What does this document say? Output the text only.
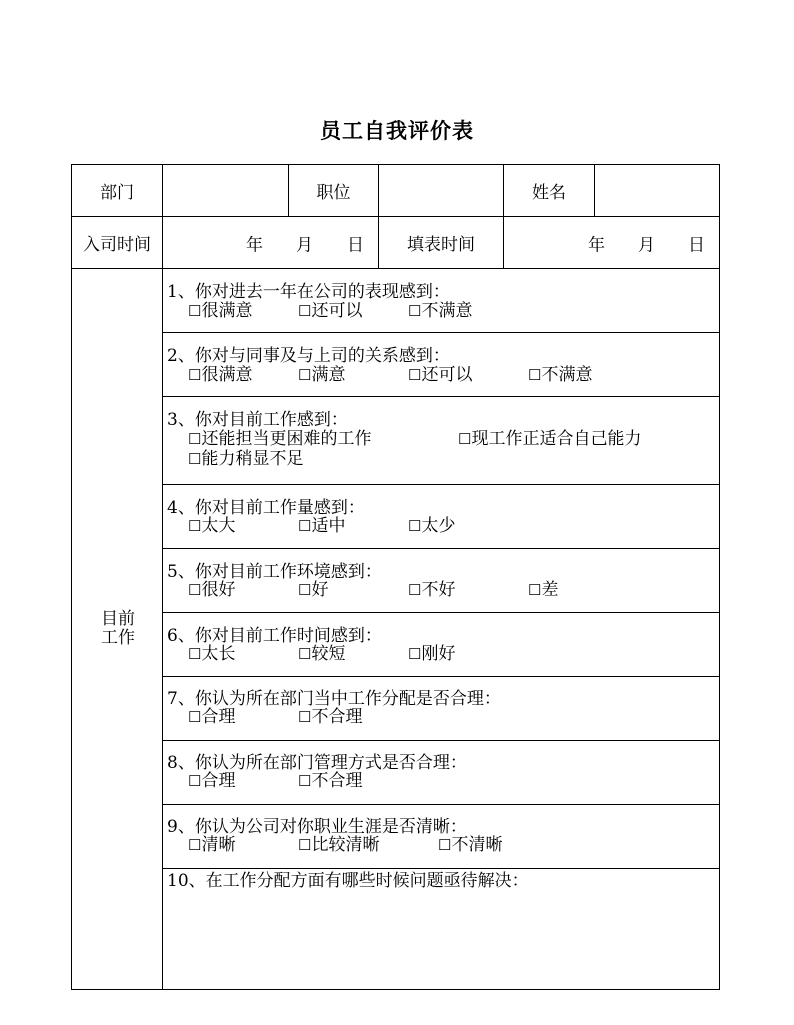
员工自我评价表
部门	职位	姓名
入司时间	年 月 日	填表时间	年 月 日
目前
工作
1、你对进去一年在公司的表现感到：
☐很满意	☐还可以	☐不满意
2、你对与同事及与上司的关系感到：
☐很满意	☐满意	☐还可以	☐不满意
3、你对目前工作感到：
☐还能担当更困难的工作	☐现工作正适合自己能力
☐能力稍显不足
4、你对目前工作量感到：
☐太大	☐适中	☐太少
5、你对目前工作环境感到：
☐很好	☐好	☐不好	☐差
6、你对目前工作时间感到：
☐太长	☐较短	☐刚好
7、你认为所在部门当中工作分配是否合理：
☐合理	☐不合理
8、你认为所在部门管理方式是否合理：
☐合理	☐不合理
9、你认为公司对你职业生涯是否清晰：
☐清晰	☐比较清晰	☐不清晰
10、在工作分配方面有哪些时候问题亟待解决：
